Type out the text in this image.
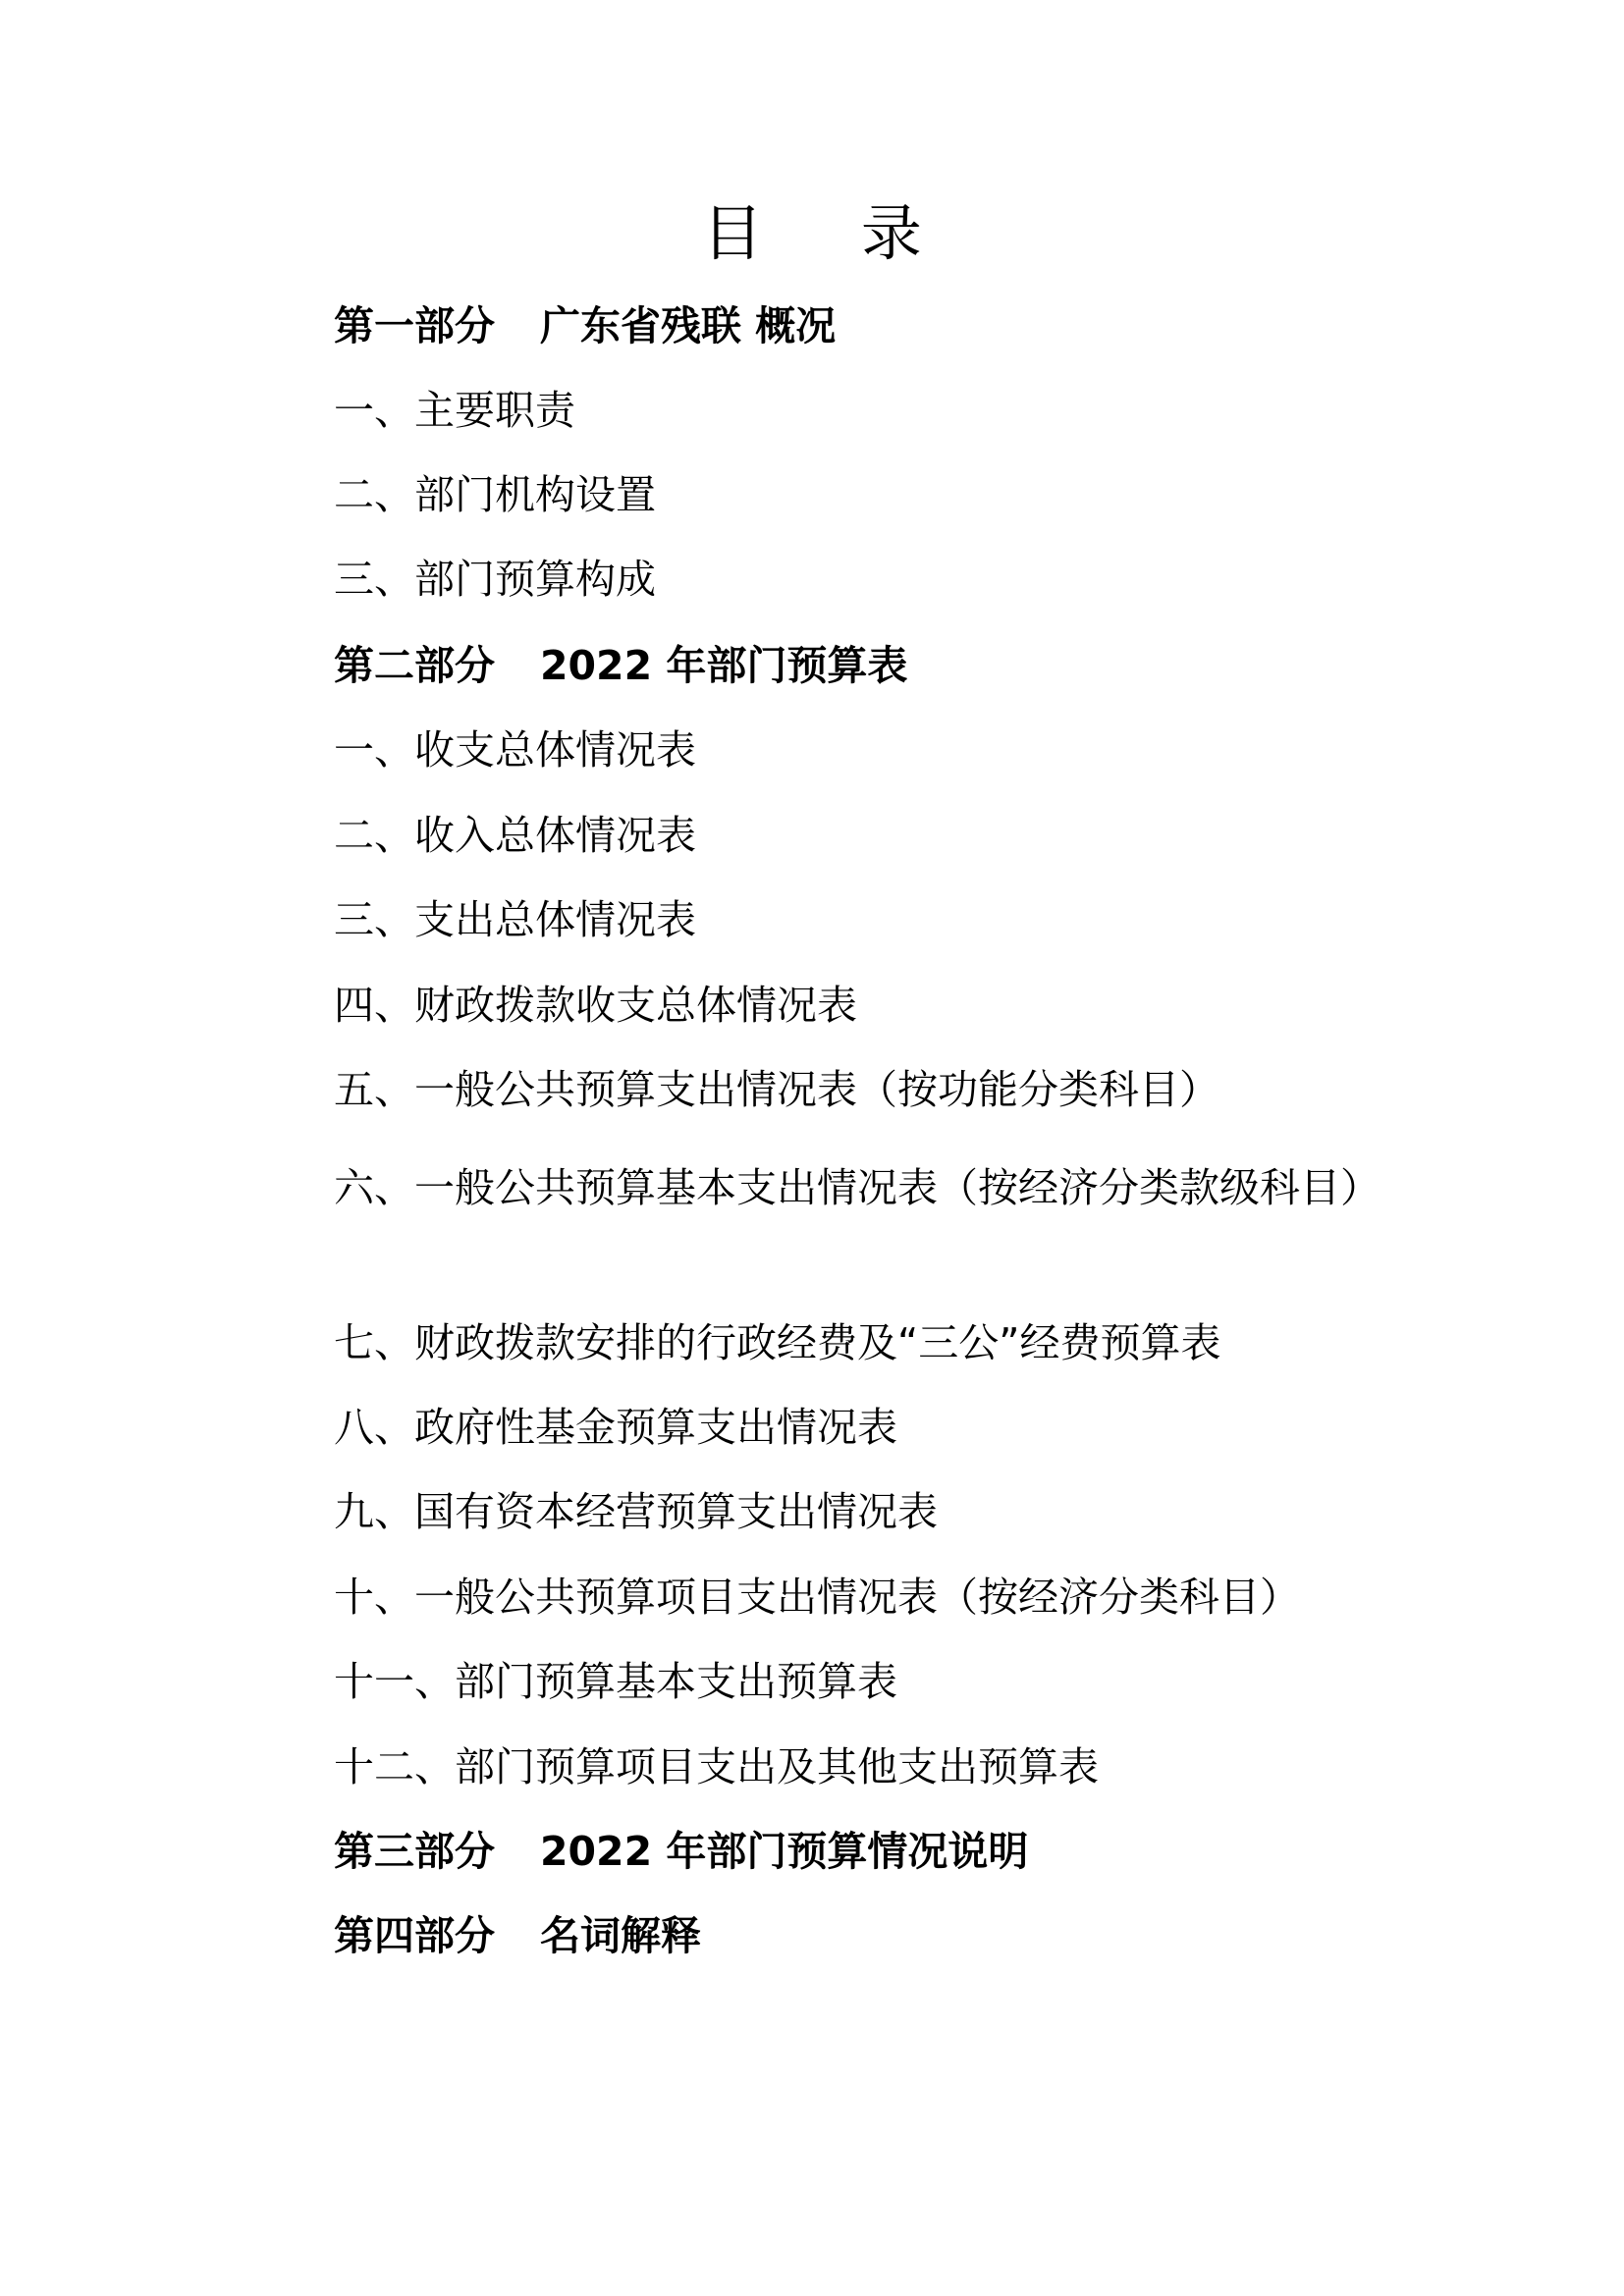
目 录
第一部分 广东省残联 概况
一、主要职责
二、部门机构设置
三、部门预算构成
第二部分 2022 年部门预算表
一、收支总体情况表
二、收入总体情况表
三、支出总体情况表
四、财政拨款收支总体情况表
五、一般公共预算支出情况表（按功能分类科目）
六、一般公共预算基本支出情况表（按经济分类款级科目）
七、财政拨款安排的行政经费及“三公”经费预算表
八、政府性基金预算支出情况表
九、国有资本经营预算支出情况表
十、一般公共预算项目支出情况表（按经济分类科目）
十一、部门预算基本支出预算表
十二、部门预算项目支出及其他支出预算表
第三部分 2022 年部门预算情况说明
第四部分 名词解释
